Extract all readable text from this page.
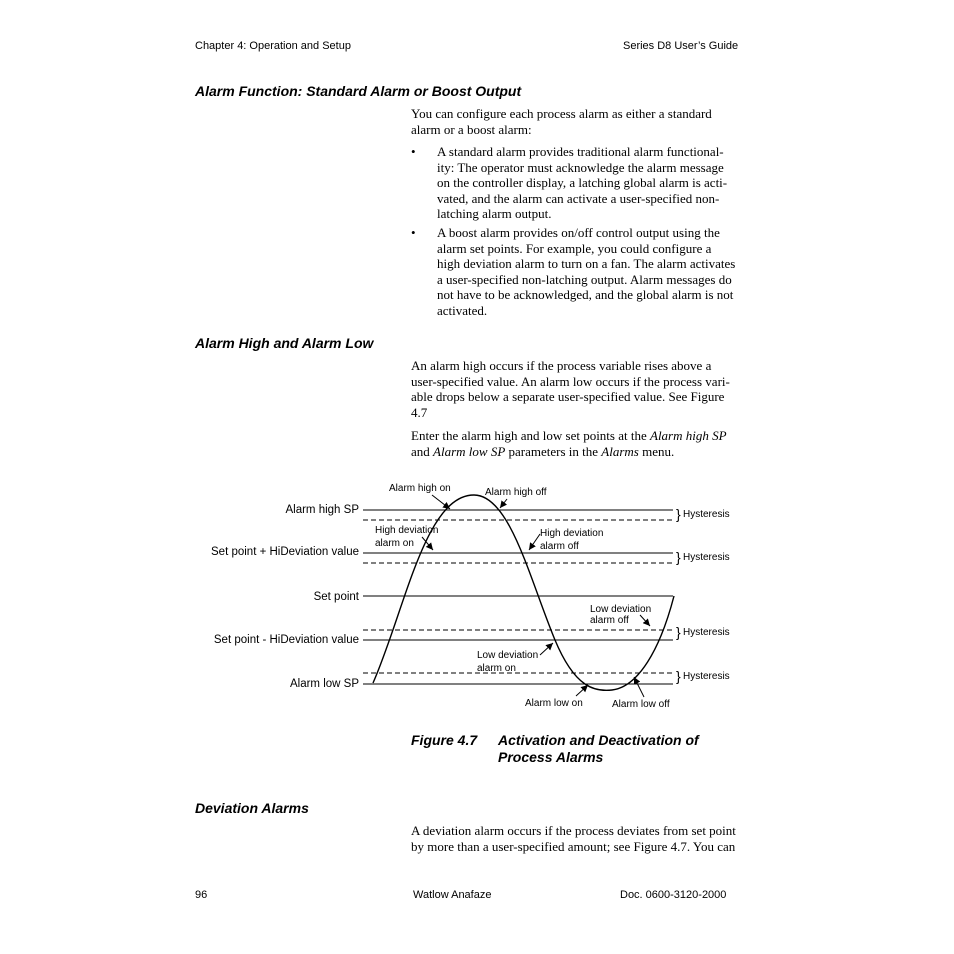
Chapter 4: Operation and Setup	Series D8 User’s Guide
Alarm Function: Standard Alarm or Boost Output

You can configure each process alarm as either a standard

alarm or a boost alarm:

• A standard alarm provides traditional alarm functional-

ity: The operator must acknowledge the alarm message

on the controller display, a latching global alarm is acti-

vated, and the alarm can activate a user-specified non-

latching alarm output.

• A boost alarm provides on/off control output using the

alarm set points. For example, you could configure a

high deviation alarm to turn on a fan. The alarm activates

a user-specified non-latching output. Alarm messages do

not have to be acknowledged, and the global alarm is not

activated.

Alarm High and Alarm Low

An alarm high occurs if the process variable rises above a

user-specified value. An alarm low occurs if the process vari-

able drops below a separate user-specified value. See Figure

4.7

Enter the alarm high and low set points at the Alarm high SP

and Alarm low SP parameters in the Alarms menu.

Alarm high SP
Set point + HiDeviation value
Set point
Set point - HiDeviation value
Alarm low SP
} Hysteresis
} Hysteresis
} Hysteresis
} Hysteresis
Alarm high on	Alarm high off
High deviation
alarm on
High deviation
alarm off
Low deviation
alarm off
Low deviation
alarm on
Alarm low on	Alarm low off
Figure 4.7 Activation and Deactivation of
Process Alarms
Deviation Alarms

A deviation alarm occurs if the process deviates from set point

by more than a user-specified amount; see Figure 4.7. You can

96	Watlow Anafaze	Doc. 0600-3120-2000
